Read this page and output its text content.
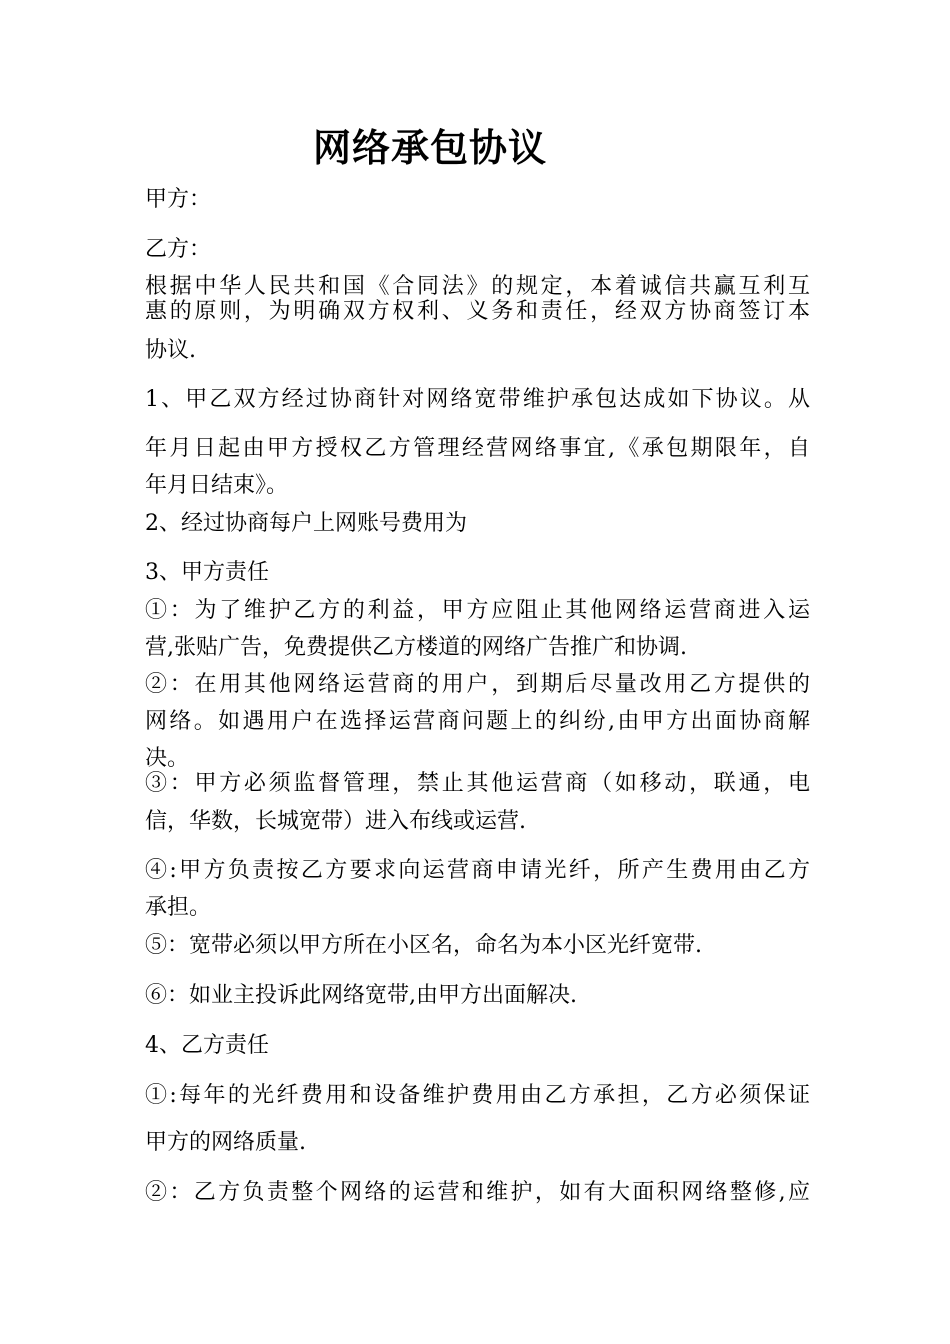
网络承包协议
甲方：
乙方：
根据中华人民共和国《合同法》的规定，本着诚信共赢互利互
惠的原则，为明确双方权利、义务和责任，经双方协商签订本
协议.
1、甲乙双方经过协商针对网络宽带维护承包达成如下协议。从
年月日起由甲方授权乙方管理经营网络事宜,《承包期限年，自
年月日结束》。
2、经过协商每户上网账号费用为
3、甲方责任
①：为了维护乙方的利益，甲方应阻止其他网络运营商进入运
营,张贴广告，免费提供乙方楼道的网络广告推广和协调.
②：在用其他网络运营商的用户，到期后尽量改用乙方提供的
网络。如遇用户在选择运营商问题上的纠纷,由甲方出面协商解
决。
③：甲方必须监督管理，禁止其他运营商（如移动，联通，电
信，华数，长城宽带）进入布线或运营.
④:甲方负责按乙方要求向运营商申请光纤，所产生费用由乙方
承担。
⑤：宽带必须以甲方所在小区名，命名为本小区光纤宽带.
⑥：如业主投诉此网络宽带,由甲方出面解决.
4、乙方责任
①:每年的光纤费用和设备维护费用由乙方承担，乙方必须保证
甲方的网络质量.
②：乙方负责整个网络的运营和维护，如有大面积网络整修,应
